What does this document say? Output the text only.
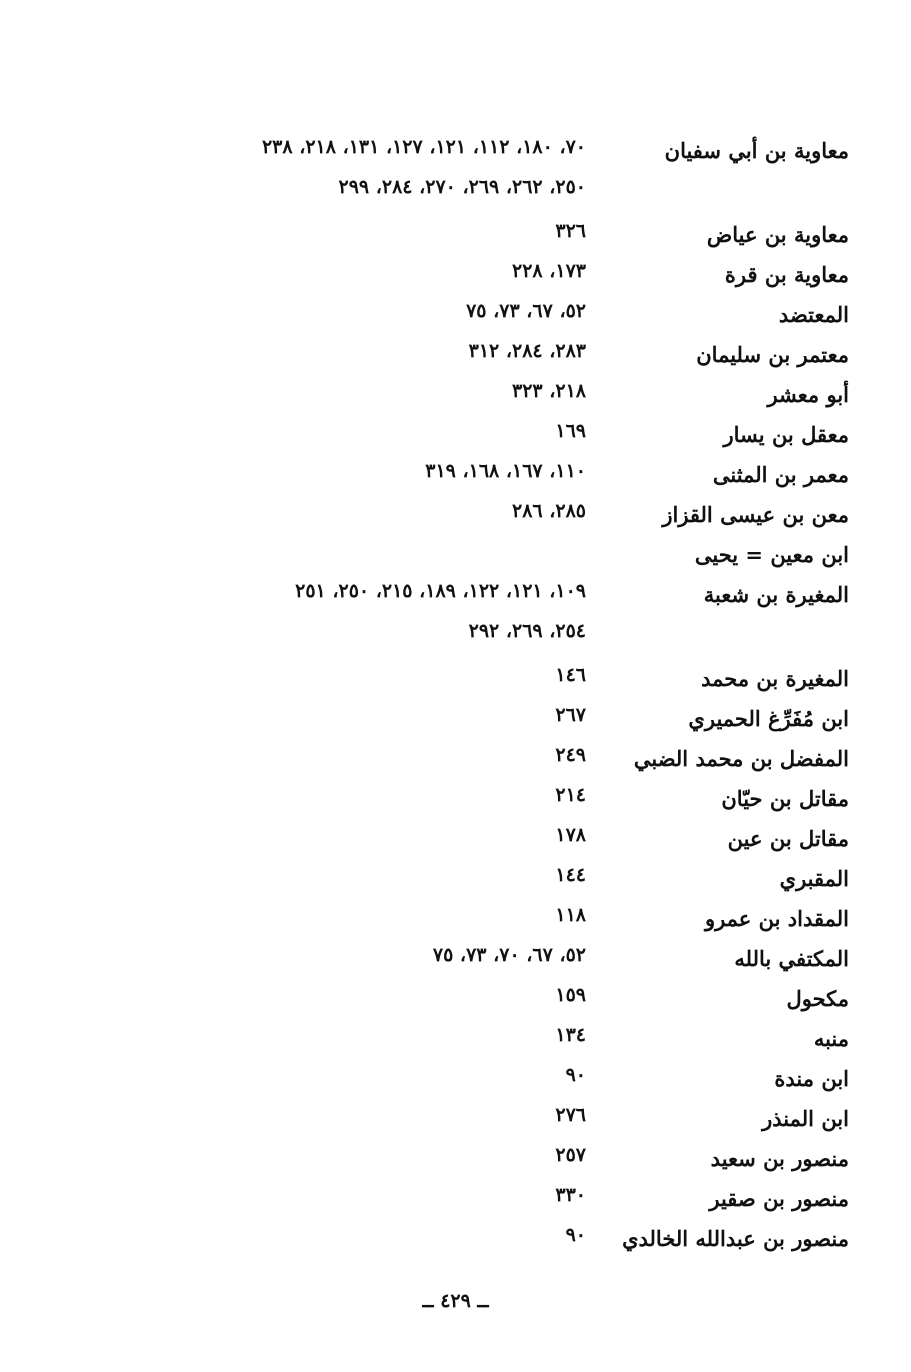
معاوية بن أبي سفيان
٧٠، ١٨٠، ١١٢، ١٢١، ١٢٧، ١٣١، ٢١٨، ٢٣٨
٢٥٠، ٢٦٢، ٢٦٩، ٢٧٠، ٢٨٤، ٢٩٩
معاوية بن عياض
٣٢٦
معاوية بن قرة
١٧٣، ٢٢٨
المعتضد
٥٢، ٦٧، ٧٣، ٧٥
معتمر بن سليمان
٢٨٣، ٢٨٤، ٣١٢
أبو معشر
٢١٨، ٣٢٣
معقل بن يسار
١٦٩
معمر بن المثنى
١١٠، ١٦٧، ١٦٨، ٣١٩
معن بن عيسى القزاز
٢٨٥، ٢٨٦
ابن معين = يحيى
المغيرة بن شعبة
١٠٩، ١٢١، ١٢٢، ١٨٩، ٢١٥، ٢٥٠، ٢٥١
٢٥٤، ٢٦٩، ٢٩٢
المغيرة بن محمد
١٤٦
ابن مُفَرِّغ الحميري
٢٦٧
المفضل بن محمد الضبي
٢٤٩
مقاتل بن حيّان
٢١٤
مقاتل بن عين
١٧٨
المقبري
١٤٤
المقداد بن عمرو
١١٨
المكتفي بالله
٥٢، ٦٧، ٧٠، ٧٣، ٧٥
مكحول
١٥٩
منبه
١٣٤
ابن مندة
٩٠
ابن المنذر
٢٧٦
منصور بن سعيد
٢٥٧
منصور بن صقير
٣٣٠
منصور بن عبدالله الخالدي
٩٠
ــ ٤٢٩ ــ
